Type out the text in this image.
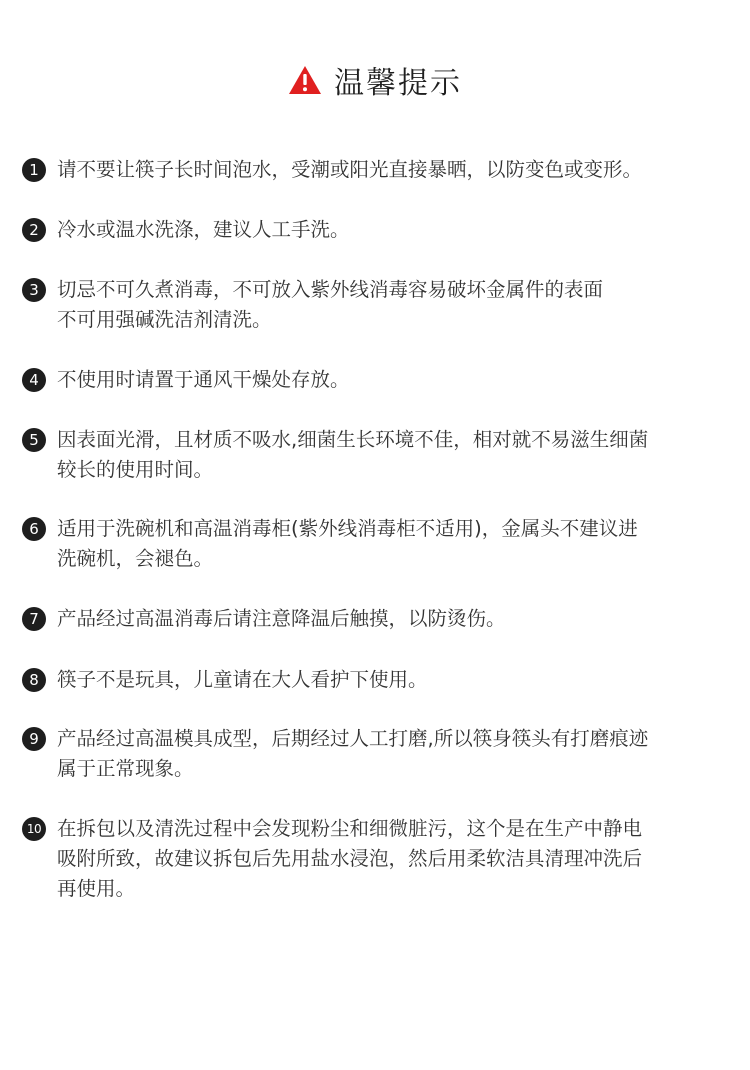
温馨提示
1 请不要让筷子长时间泡水，受潮或阳光直接暴晒，以防变色或变形。
2 冷水或温水洗涤，建议人工手洗。
3 切忌不可久煮消毒，不可放入紫外线消毒容易破坏金属件的表面
不可用强碱洗洁剂清洗。
4 不使用时请置于通风干燥处存放。
5 因表面光滑，且材质不吸水,细菌生长环境不佳，相对就不易滋生细菌
较长的使用时间。
6 适用于洗碗机和高温消毒柜(紫外线消毒柜不适用)，金属头不建议进
洗碗机，会褪色。
7 产品经过高温消毒后请注意降温后触摸，以防烫伤。
8 筷子不是玩具，儿童请在大人看护下使用。
9 产品经过高温模具成型，后期经过人工打磨,所以筷身筷头有打磨痕迹
属于正常现象。
10 在拆包以及清洗过程中会发现粉尘和细微脏污，这个是在生产中静电
吸附所致，故建议拆包后先用盐水浸泡，然后用柔软洁具清理冲洗后
再使用。
